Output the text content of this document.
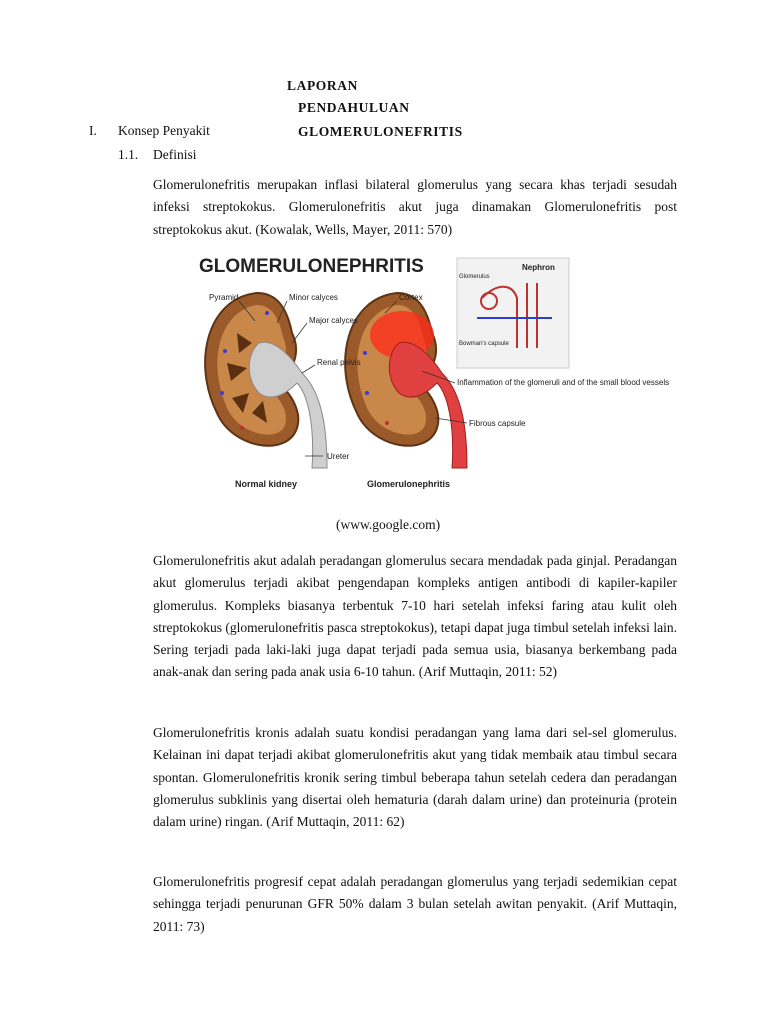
LAPORAN
PENDAHULUAN
GLOMERULONEFRITIS
I. Konsep Penyakit
1.1. Definisi
Glomerulonefritis merupakan inflasi bilateral glomerulus yang secara khas terjadi sesudah infeksi streptokokus. Glomerulonefritis akut juga dinamakan Glomerulonefritis post streptokokus akut. (Kowalak, Wells, Mayer, 2011: 570)
GLOMERULONEPHRITIS
Pyramid	Minor calyces
Major calyces
Renal pelvis
Ureter
Cortex
Inflammation of the glomeruli and of the small blood vessels
Fibrous capsule
Nephron
Glomerulus
Bowman's capsule
Normal kidney	Glomerulonephritis
(www.google.com)
Glomerulonefritis akut adalah peradangan glomerulus secara mendadak pada ginjal. Peradangan akut glomerulus terjadi akibat pengendapan kompleks antigen antibodi di kapiler-kapiler glomerulus. Kompleks biasanya terbentuk 7-10 hari setelah infeksi faring atau kulit oleh streptokokus (glomerulonefritis pasca streptokokus), tetapi dapat juga timbul setelah infeksi lain. Sering terjadi pada laki-laki juga dapat terjadi pada semua usia, biasanya berkembang pada anak-anak dan sering pada anak usia 6-10 tahun. (Arif Muttaqin, 2011: 52)
Glomerulonefritis kronis adalah suatu kondisi peradangan yang lama dari sel-sel glomerulus. Kelainan ini dapat terjadi akibat glomerulonefritis akut yang tidak membaik atau timbul secara spontan. Glomerulonefritis kronik sering timbul beberapa tahun setelah cedera dan peradangan glomerulus subklinis yang disertai oleh hematuria (darah dalam urine) dan proteinuria (protein dalam urine) ringan. (Arif Muttaqin, 2011: 62)
Glomerulonefritis progresif cepat adalah peradangan glomerulus yang terjadi sedemikian cepat sehingga terjadi penurunan GFR 50% dalam 3 bulan setelah awitan penyakit. (Arif Muttaqin, 2011: 73)
